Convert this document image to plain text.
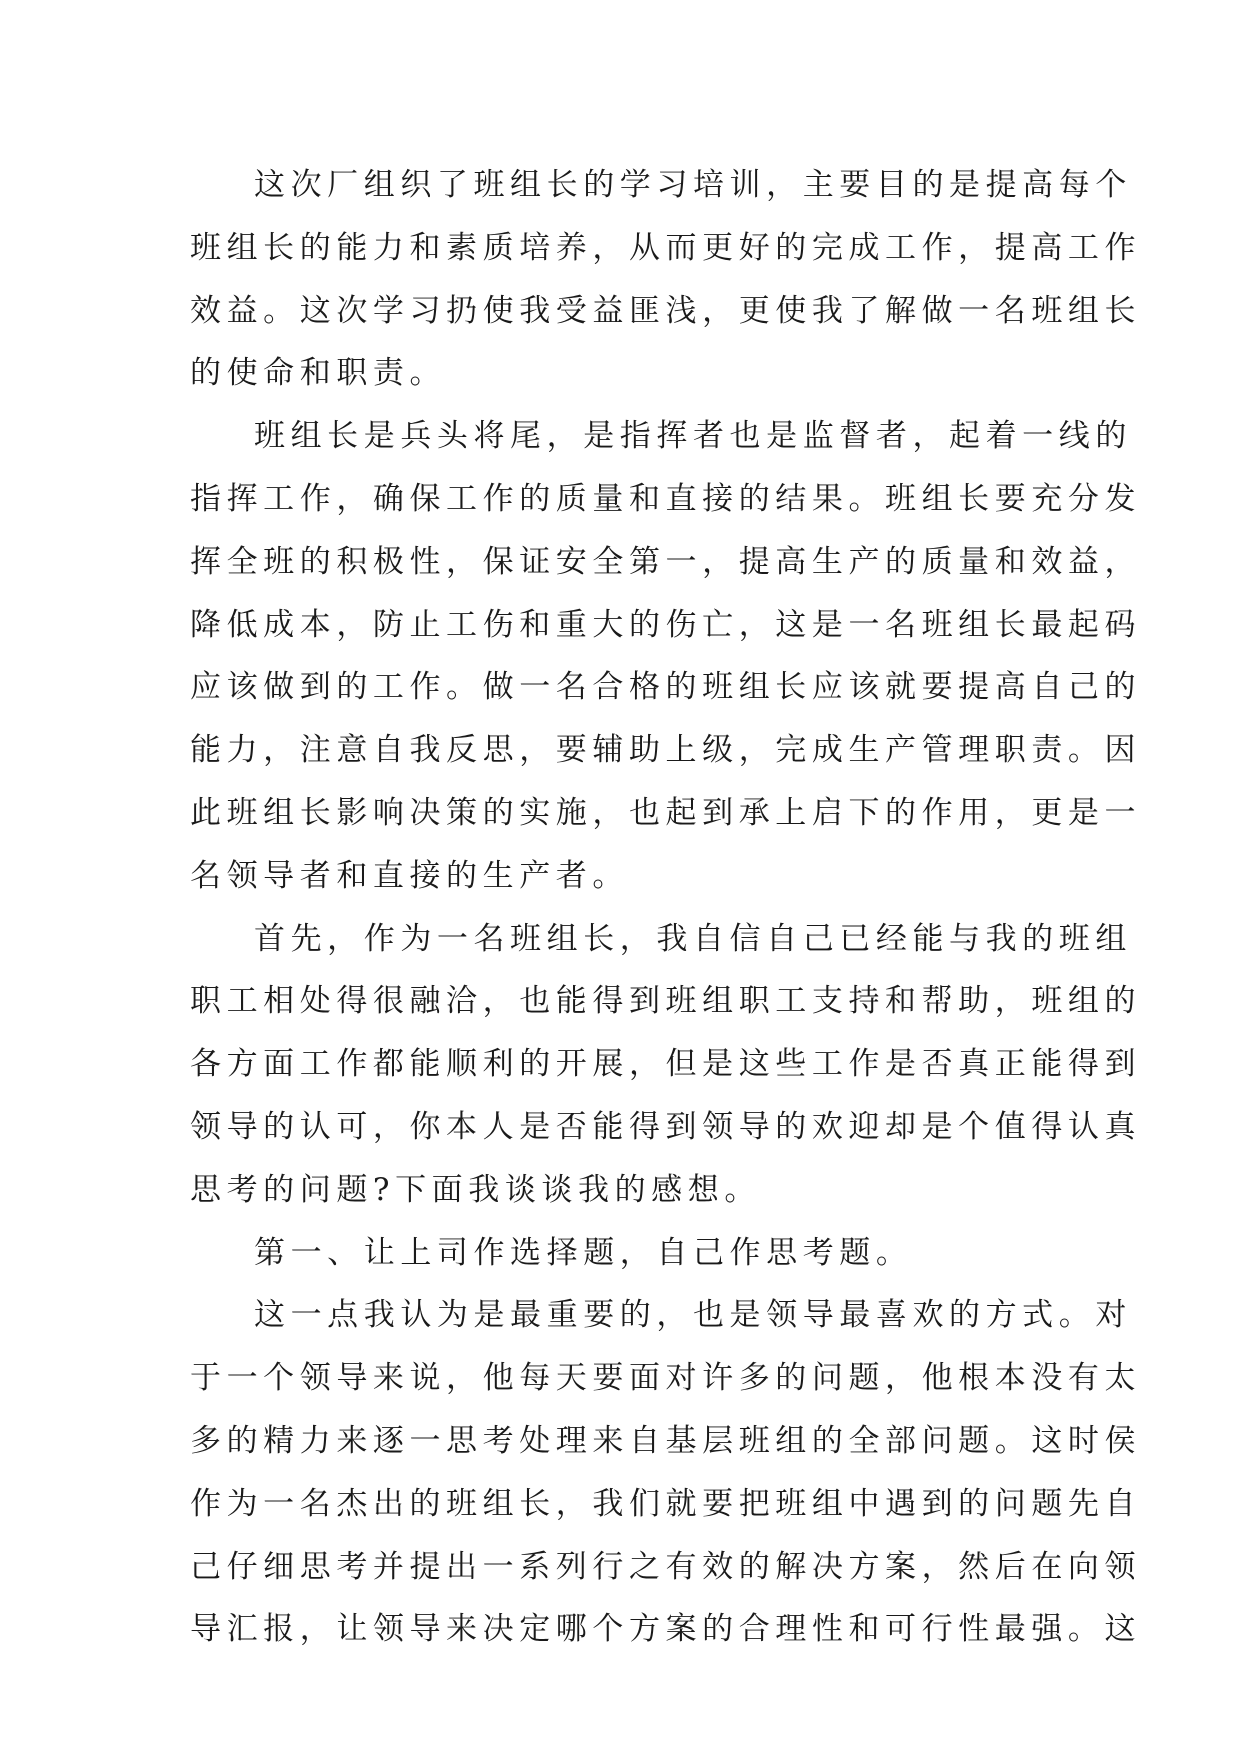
这次厂组织了班组长的学习培训，主要目的是提高每个
班组长的能力和素质培养，从而更好的完成工作，提高工作
效益。这次学习扔使我受益匪浅，更使我了解做一名班组长
的使命和职责。
班组长是兵头将尾，是指挥者也是监督者，起着一线的
指挥工作，确保工作的质量和直接的结果。班组长要充分发
挥全班的积极性，保证安全第一，提高生产的质量和效益，
降低成本，防止工伤和重大的伤亡，这是一名班组长最起码
应该做到的工作。做一名合格的班组长应该就要提高自己的
能力，注意自我反思，要辅助上级，完成生产管理职责。因
此班组长影响决策的实施，也起到承上启下的作用，更是一
名领导者和直接的生产者。
首先，作为一名班组长，我自信自己已经能与我的班组
职工相处得很融洽，也能得到班组职工支持和帮助，班组的
各方面工作都能顺利的开展，但是这些工作是否真正能得到
领导的认可，你本人是否能得到领导的欢迎却是个值得认真
思考的问题?下面我谈谈我的感想。
第一、让上司作选择题，自己作思考题。
这一点我认为是最重要的，也是领导最喜欢的方式。对
于一个领导来说，他每天要面对许多的问题，他根本没有太
多的精力来逐一思考处理来自基层班组的全部问题。这时侯
作为一名杰出的班组长，我们就要把班组中遇到的问题先自
己仔细思考并提出一系列行之有效的解决方案，然后在向领
导汇报，让领导来决定哪个方案的合理性和可行性最强。这
